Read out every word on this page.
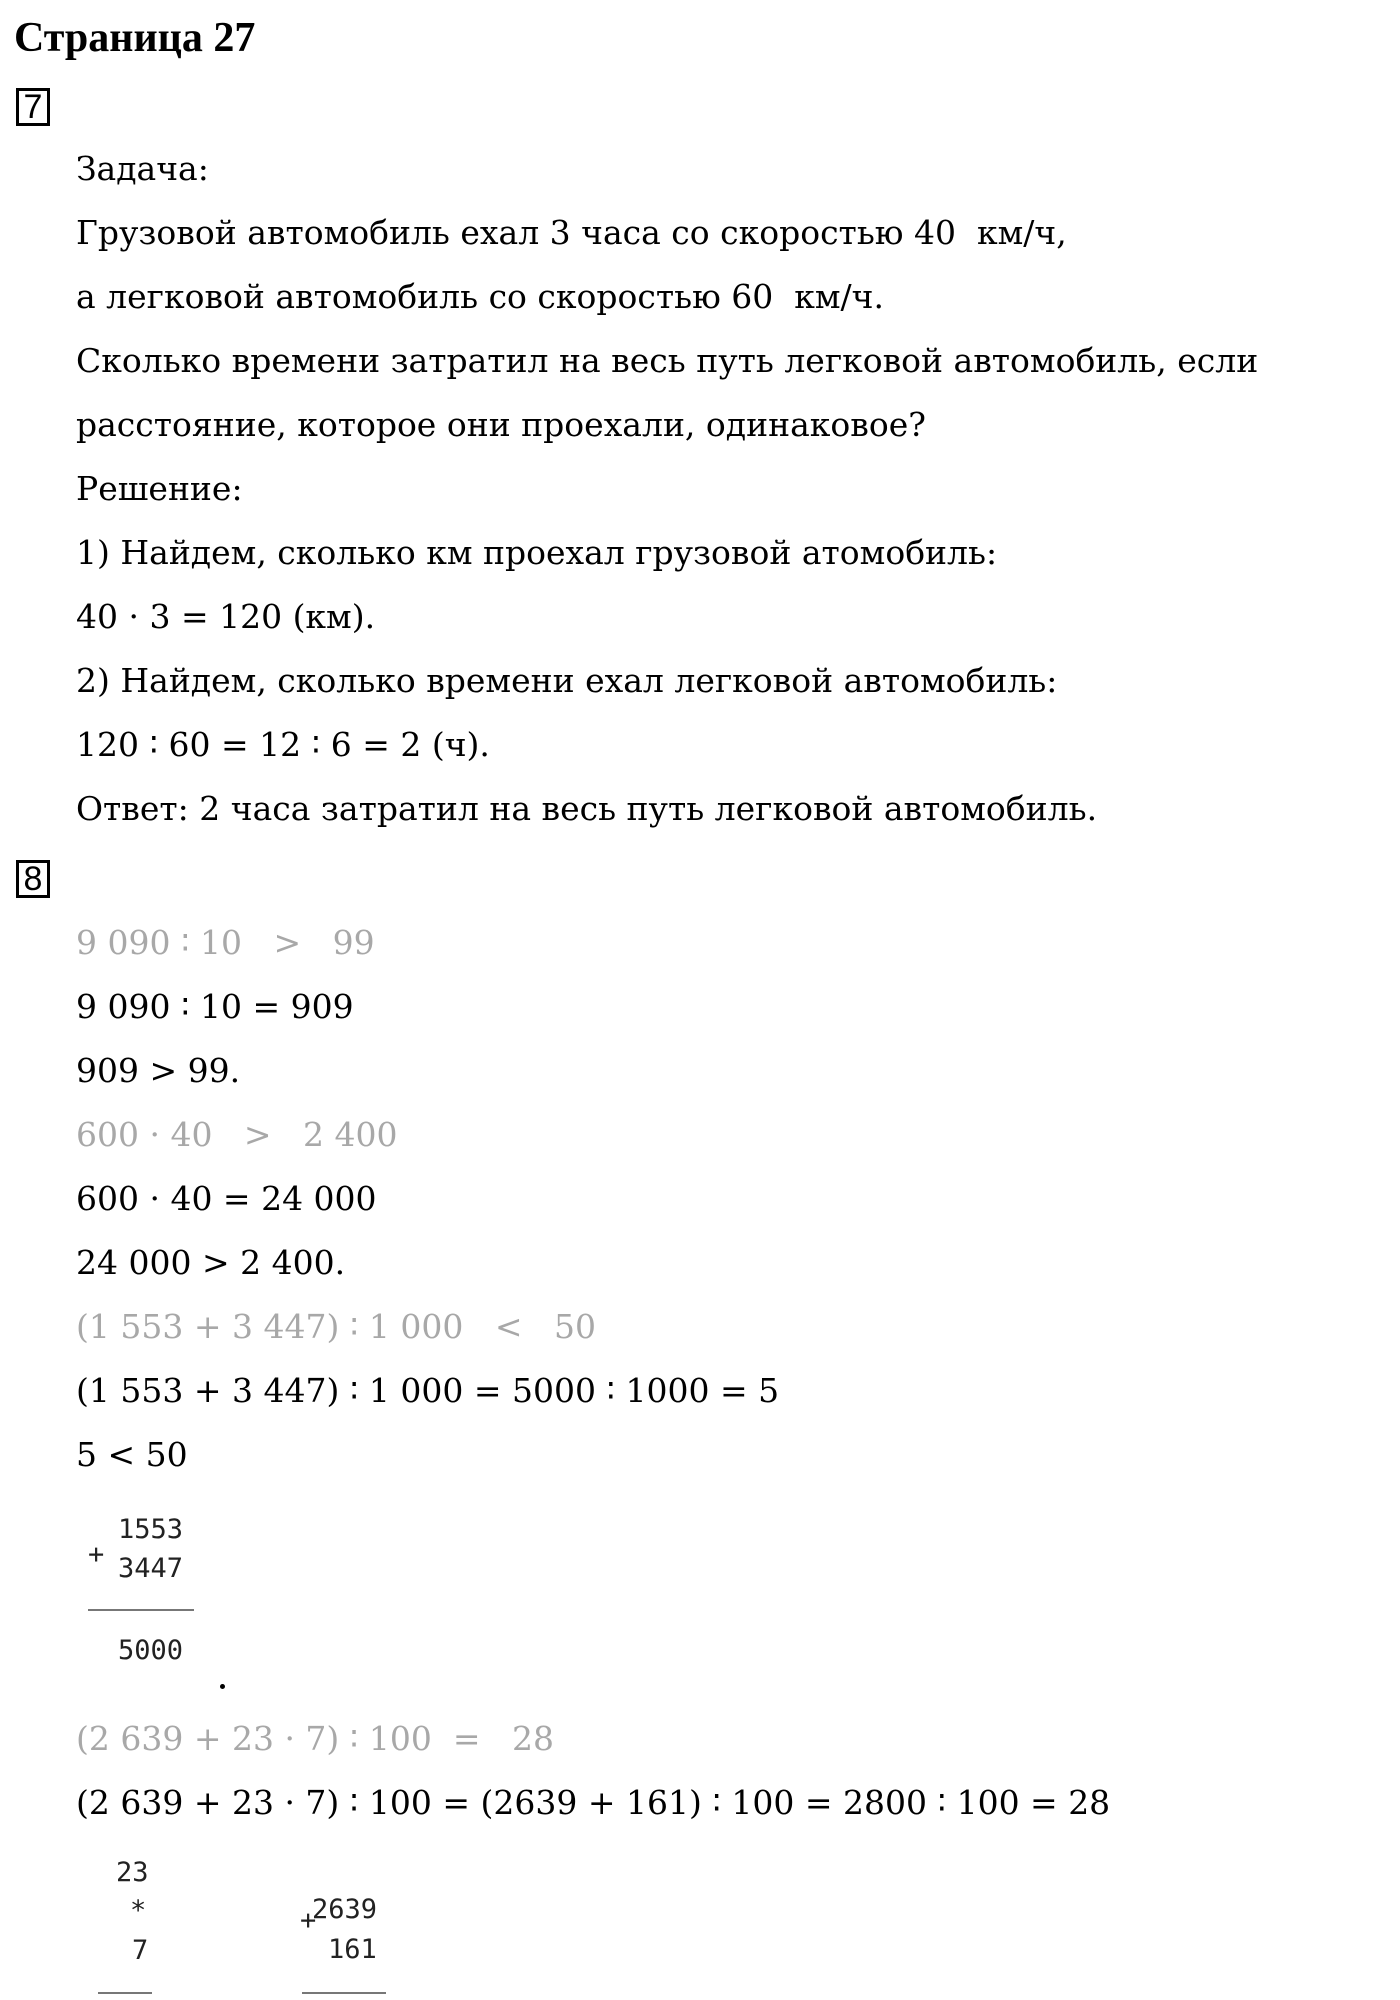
Страница 27
7
Задача:
Грузовой автомобиль ехал 3 часа со скоростью 40  км/ч,
а легковой автомобиль со скоростью 60  км/ч.
Сколько времени затратил на весь путь легковой автомобиль, если
расстояние, которое они проехали, одинаковое?
Решение:
1) Найдем, сколько км проехал грузовой атомобиль:
40 · 3 = 120 (км).
2) Найдем, сколько времени ехал легковой автомобиль:
120 ∶ 60 = 12 ∶ 6 = 2 (ч).
Ответ: 2 часа затратил на весь путь легковой автомобиль.
8
9 090 ∶ 10   >   99
9 090 ∶ 10 = 909
909 > 99.
600 · 40   >   2 400
600 · 40 = 24 000
24 000 > 2 400.
(1 553 + 3 447) ∶ 1 000   <   50
(1 553 + 3 447) ∶ 1 000 = 5000 ∶ 1000 = 5
5 < 50
+
1553
3447
5000
(2 639 + 23 · 7) ∶ 100  =   28
(2 639 + 23 · 7) ∶ 100 = (2639 + 161) ∶ 100 = 2800 ∶ 100 = 28
23
*
7
+
2639
161
